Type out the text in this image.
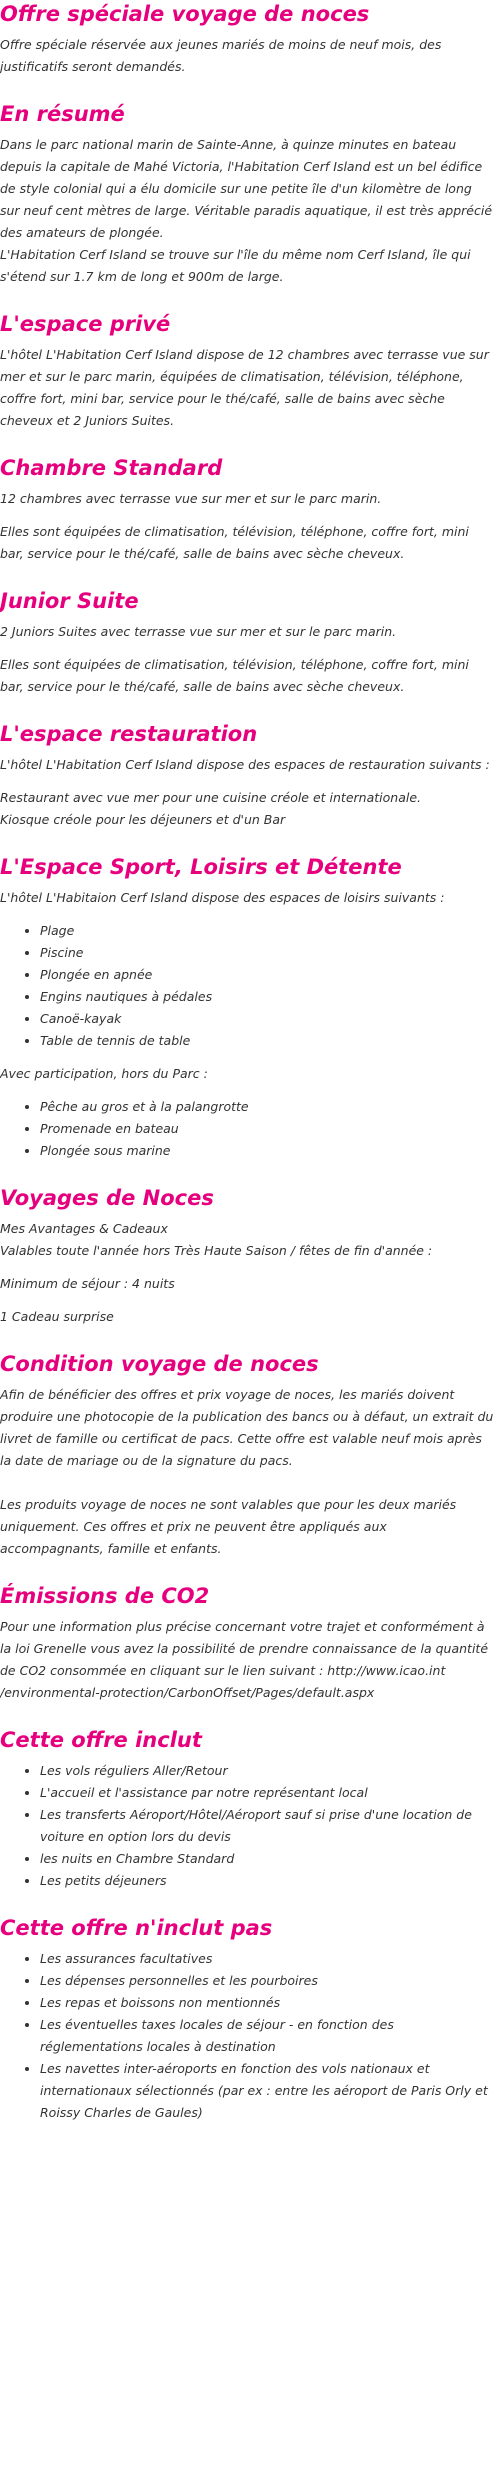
Offre spéciale voyage de noces

Offre spéciale réservée aux jeunes mariés de moins de neuf mois, des justificatifs seront demandés.

En résumé

Dans le parc national marin de Sainte-Anne, à quinze minutes en bateau depuis la capitale de Mahé Victoria, l'Habitation Cerf Island est un bel édifice de style colonial qui a élu domicile sur une petite île d'un kilomètre de long sur neuf cent mètres de large. Véritable paradis aquatique, il est très apprécié des amateurs de plongée.
L'Habitation Cerf Island se trouve sur l'île du même nom Cerf Island, île qui s'étend sur 1.7 km de long et 900m de large.

L'espace privé

L'hôtel L'Habitation Cerf Island dispose de 12 chambres avec terrasse vue sur mer et sur le parc marin, équipées de climatisation, télévision, téléphone, coffre fort, mini bar, service pour le thé/café, salle de bains avec sèche cheveux et 2 Juniors Suites.

Chambre Standard

12 chambres avec terrasse vue sur mer et sur le parc marin.

Elles sont équipées de climatisation, télévision, téléphone, coffre fort, mini bar, service pour le thé/café, salle de bains avec sèche cheveux.

Junior Suite

2 Juniors Suites avec terrasse vue sur mer et sur le parc marin.

Elles sont équipées de climatisation, télévision, téléphone, coffre fort, mini bar, service pour le thé/café, salle de bains avec sèche cheveux.

L'espace restauration

L'hôtel L'Habitation Cerf Island dispose des espaces de restauration suivants :

Restaurant avec vue mer pour une cuisine créole et internationale.
Kiosque créole pour les déjeuners et d'un Bar

L'Espace Sport, Loisirs et Détente

L'hôtel L'Habitaion Cerf Island dispose des espaces de loisirs suivants :

• Plage
• Piscine
• Plongée en apnée
• Engins nautiques à pédales
• Canoë-kayak
• Table de tennis de table

Avec participation, hors du Parc :

• Pêche au gros et à la palangrotte
• Promenade en bateau
• Plongée sous marine
Voyages de Noces

Mes Avantages & Cadeaux
Valables toute l'année hors Très Haute Saison / fêtes de fin d'année :

Minimum de séjour : 4 nuits

1 Cadeau surprise

Condition voyage de noces

Afin de bénéficier des offres et prix voyage de noces, les mariés doivent produire une photocopie de la publication des bancs ou à défaut, un extrait du livret de famille ou certificat de pacs. Cette offre est valable neuf mois après la date de mariage ou de la signature du pacs.

Les produits voyage de noces ne sont valables que pour les deux mariés uniquement. Ces offres et prix ne peuvent être appliqués aux accompagnants, famille et enfants.

Émissions de CO2

Pour une information plus précise concernant votre trajet et conformément à la loi Grenelle vous avez la possibilité de prendre connaissance de la quantité de CO2 consommée en cliquant sur le lien suivant : http://www.icao.int /environmental-protection/CarbonOffset/Pages/default.aspx

Cette offre inclut
• Les vols réguliers Aller/Retour
• L'accueil et l'assistance par notre représentant local
• Les transferts Aéroport/Hôtel/Aéroport sauf si prise d'une location de voiture en option lors du devis
• les nuits en Chambre Standard
• Les petits déjeuners
Cette offre n'inclut pas
• Les assurances facultatives
• Les dépenses personnelles et les pourboires
• Les repas et boissons non mentionnés
• Les éventuelles taxes locales de séjour - en fonction des réglementations locales à destination
• Les navettes inter-aéroports en fonction des vols nationaux et internationaux sélectionnés (par ex : entre les aéroport de Paris Orly et Roissy Charles de Gaules)
